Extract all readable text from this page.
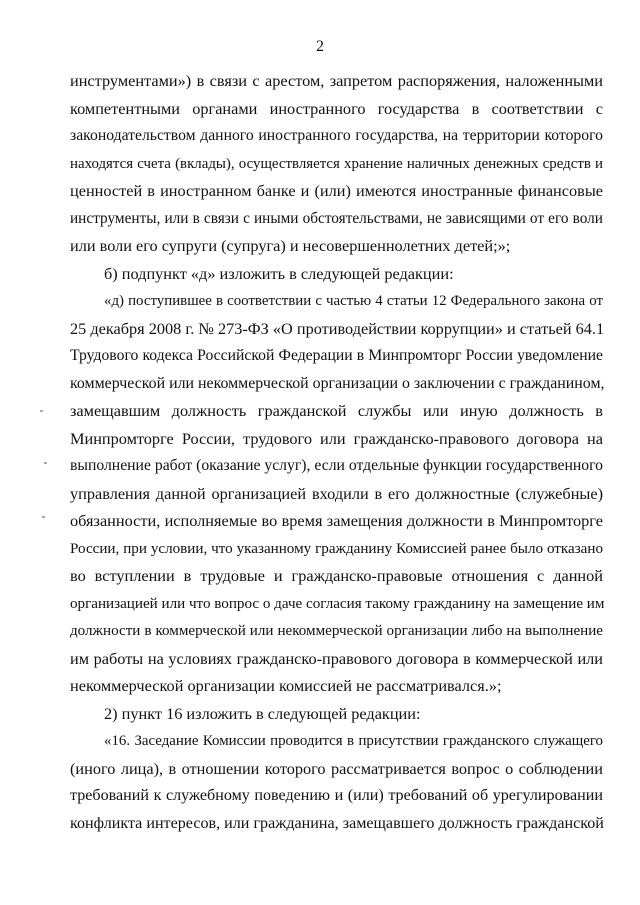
2
инструментами») в связи с арестом, запретом распоряжения, наложенными
компетентными органами иностранного государства в соответствии с
законодательством данного иностранного государства, на территории которого
находятся счета (вклады), осуществляется хранение наличных денежных средств и
ценностей в иностранном банке и (или) имеются иностранные финансовые
инструменты, или в связи с иными обстоятельствами, не зависящими от его воли
или воли его супруги (супруга) и несовершеннолетних детей;»;
б) подпункт «д» изложить в следующей редакции:
«д) поступившее в соответствии с частью 4 статьи 12 Федерального закона от
25 декабря 2008 г. № 273-ФЗ «О противодействии коррупции» и статьей 64.1
Трудового кодекса Российской Федерации в Минпромторг России уведомление
коммерческой или некоммерческой организации о заключении с гражданином,
замещавшим должность гражданской службы или иную должность в
Минпромторге России, трудового или гражданско-правового договора на
выполнение работ (оказание услуг), если отдельные функции государственного
управления данной организацией входили в его должностные (служебные)
обязанности, исполняемые во время замещения должности в Минпромторге
России, при условии, что указанному гражданину Комиссией ранее было отказано
во вступлении в трудовые и гражданско-правовые отношения с данной
организацией или что вопрос о даче согласия такому гражданину на замещение им
должности в коммерческой или некоммерческой организации либо на выполнение
им работы на условиях гражданско-правового договора в коммерческой или
некоммерческой организации комиссией не рассматривался.»;
2) пункт 16 изложить в следующей редакции:
«16. Заседание Комиссии проводится в присутствии гражданского служащего
(иного лица), в отношении которого рассматривается вопрос о соблюдении
требований к служебному поведению и (или) требований об урегулировании
конфликта интересов, или гражданина, замещавшего должность гражданской
